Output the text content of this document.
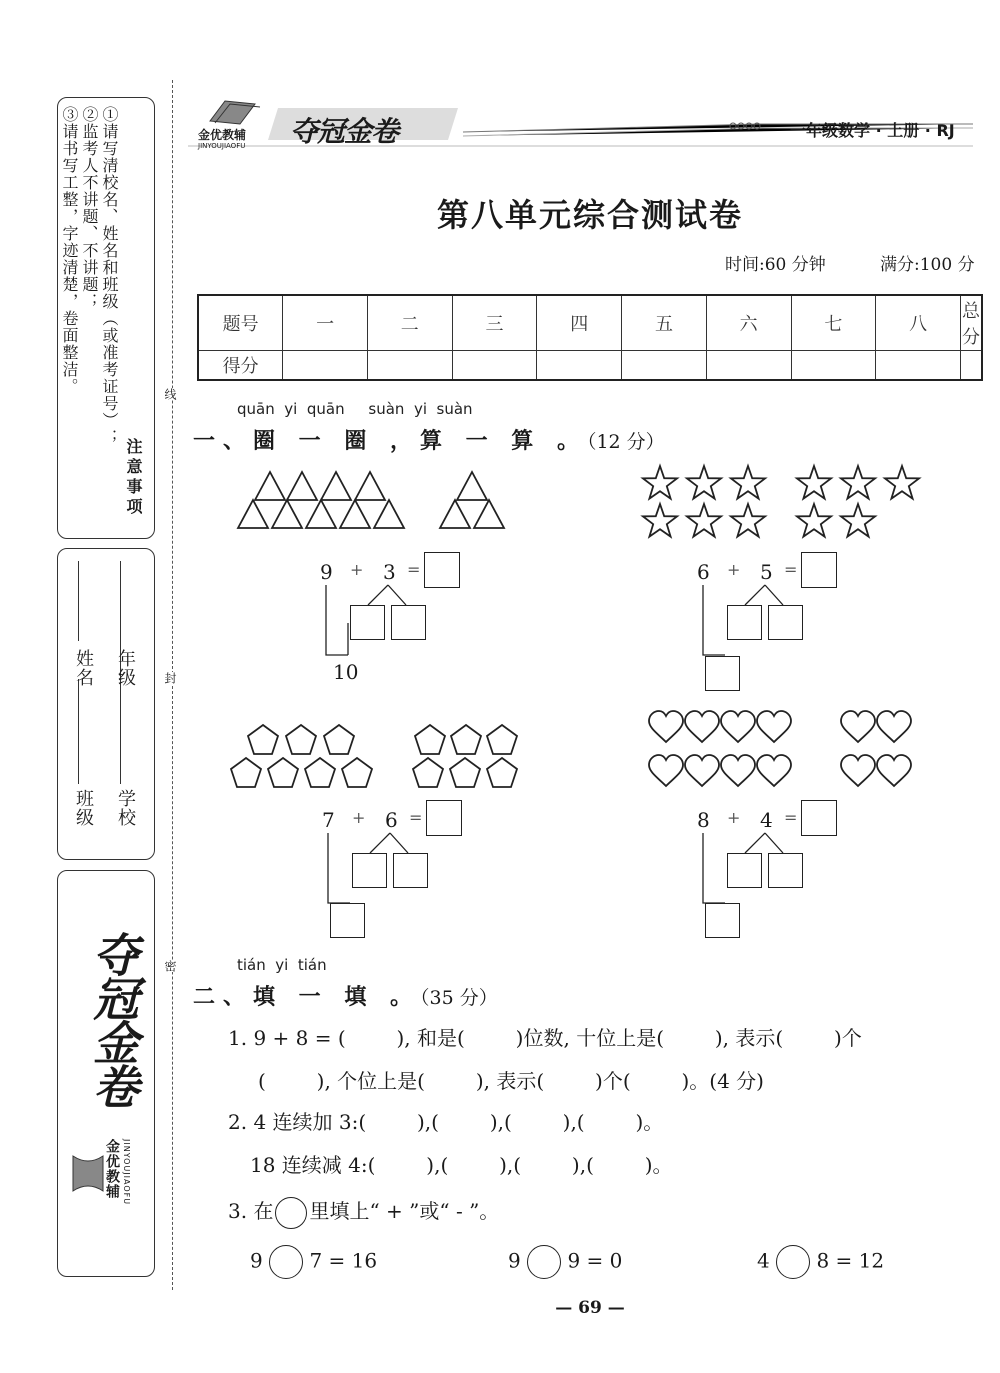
注意事项
①请写清校名、姓名和班级（或准考证号）；
②监考人不讲题、不讲题；
③请书写工整，字迹清楚，卷面整洁。
学校
年级
班级
姓名
夺冠金卷
金优教辅 JINYOUJIAOFU
线
封
密
金优教辅
JINYOUJIAOFU 夺冠金卷	一年级数学 · 上册 · RJ
第八单元综合测试卷
时间:60 分钟	满分:100 分
题号	一	二	三	四	五	六	七	八	总分
得分									
quān  yi  quān     suàn  yi  suàn
一、圈 一 圈 ，算 一 算 。（12 分）
9 + 3 =
10
6 + 5 =
7 + 6 =	8 + 4 =
tián  yi  tián
二、填 一 填 。（35 分）
1. 9 + 8 = (        ), 和是(        )位数, 十位上是(        ), 表示(        )个
(        ), 个位上是(        ), 表示(        )个(        )。(4 分)
2. 4 连续加 3:(        ),(        ),(        ),(        )。
18 连续减 4:(        ),(        ),(        ),(        )。
3. 在 里填上“ + ”或“ - ”。
9 7 = 16	9 9 = 0	4 8 = 12
— 69 —
